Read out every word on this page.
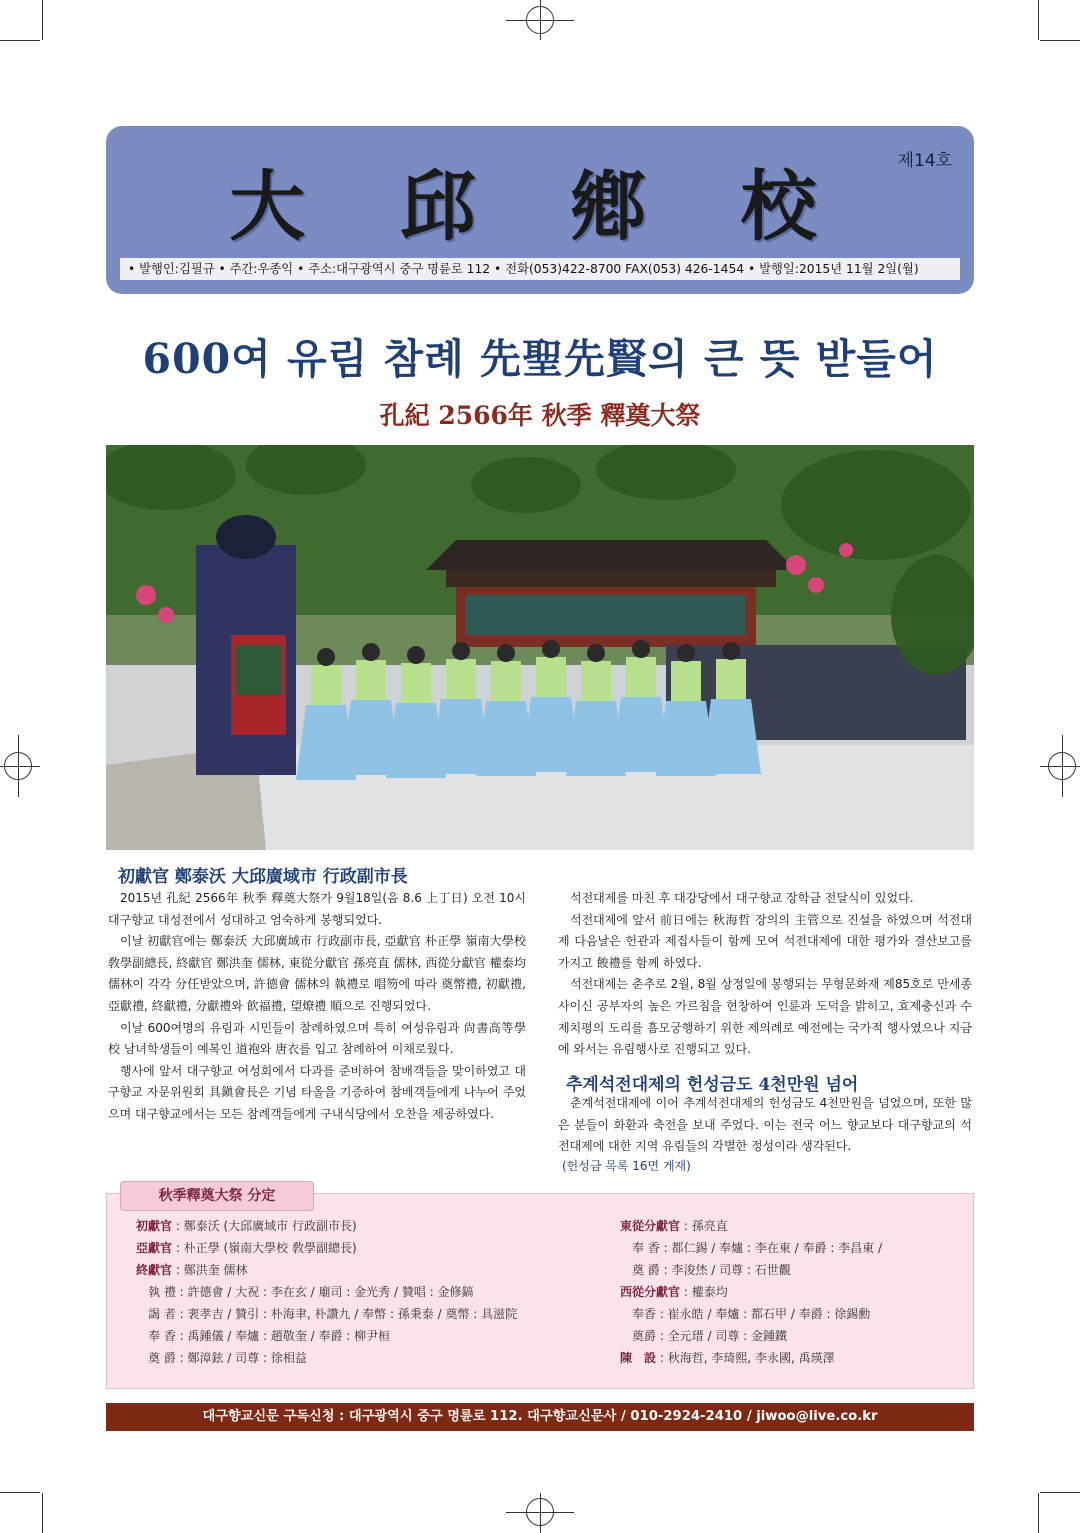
大 邱 鄕 校
제14호
• 발행인:김필규 • 주간:우종익 • 주소:대구광역시 중구 명륜로 112 • 전화(053)422-8700 FAX(053) 426-1454 • 발행일:2015년 11월 2일(월)
600여 유림 참례 先聖先賢의 큰 뜻 받들어
孔紀 2566年 秋季 釋奠大祭
初獻官 鄭泰沃 大邱廣域市 行政副市長

2015년 孔紀 2566年 秋季 釋奠大祭가 9월18일(음 8.6 上丁日) 오전 10시 대구향교 대성전에서 성대하고 엄숙하게 봉행되었다.

이날 初獻官에는 鄭泰沃 大邱廣域市 行政副市長, 亞獻官 朴正學 嶺南大學校 敎學副總長, 終獻官 鄭洪奎 儒林, 東從分獻官 孫亮直 儒林, 西從分獻官 權泰均 儒林이 각각 分任받았으며, 許德會 儒林의 執禮로 唱笏에 따라 奠幣禮, 初獻禮, 亞獻禮, 終獻禮, 分獻禮와 飮福禮, 望燎禮 順으로 진행되었다.

이날 600여명의 유림과 시민들이 참례하였으며 특히 여성유림과 尙書高等學校 남녀학생들이 예복인 道袍와 唐衣를 입고 참례하여 이채로웠다.

행사에 앞서 대구향교 여성회에서 다과를 준비하여 참배객들을 맞이하였고 대구향교 자문위원회 具鎭會長은 기념 타올을 기증하여 참배객들에게 나누어 주었으며 대구향교에서는 모든 참례객들에게 구내식당에서 오찬을 제공하였다.

석전대제를 마친 후 대강당에서 대구향교 장학금 전달식이 있었다.

석전대제에 앞서 前日에는 秋海哲 장의의 主管으로 진설을 하였으며 석전대제 다음날은 헌관과 제집사들이 함께 모여 석전대제에 대한 평가와 결산보고를 가지고 餕禮를 함께 하였다.

석전대제는 춘추로 2월, 8월 상정일에 봉행되는 무형문화재 제85호로 만세종사이신 공부자의 높은 가르침을 현창하여 인륜과 도덕을 밝히고, 효제충신과 수제치평의 도리를 흠모궁행하기 위한 제의례로 예전에는 국가적 행사였으나 지금에 와서는 유림행사로 진행되고 있다.

추계석전대제의 헌성금도 4천만원 넘어

춘계석전대제에 이어 추계석전대제의 헌성금도 4천만원을 넘었으며, 또한 많은 분들이 화환과 축전을 보내 주었다. 이는 전국 어느 향교보다 대구향교의 석전대제에 대한 지역 유림들의 각별한 정성이라 생각된다.

(헌성금 목록 16면 게재)
秋季釋奠大祭 分定
初獻官 : 鄭泰沃 (大邱廣域市 行政副市長)
亞獻官 : 朴正學 (嶺南大學校 敎學副總長)
終獻官 : 鄭洪奎 儒林
執 禮 : 許德會 / 大祝 : 李在玄 / 廟司 : 金光秀 / 贊唱 : 金修鎬
謁 者 : 裵孝吉 / 贊引 : 朴海聿, 朴讚九 / 奉幣 : 孫秉泰 / 奠幣 : 具滋院
奉 香 : 禹鍾儀 / 奉爐 : 趙敬奎 / 奉爵 : 柳尹桓
奠 爵 : 鄭漳鉉 / 司尊 : 徐相益
東從分獻官 : 孫亮直
奉 香 : 都仁錫 / 奉爐 : 李在東 / 奉爵 : 李昌東 /
奠 爵 : 李浚烋 / 司尊 : 石世觀
西從分獻官 : 權泰均
奉香 : 崔永皓 / 奉爐 : 都石甲 / 奉爵 : 徐錫勳
奠爵 : 全元瑨 / 司尊 : 金鍾鐵
陳　設 : 秋海哲, 李琦熙, 李永國, 禹瑛澤
대구향교신문 구독신청 : 대구광역시 중구 명륜로 112. 대구향교신문사 / 010-2924-2410 / jiwoo@live.co.kr
